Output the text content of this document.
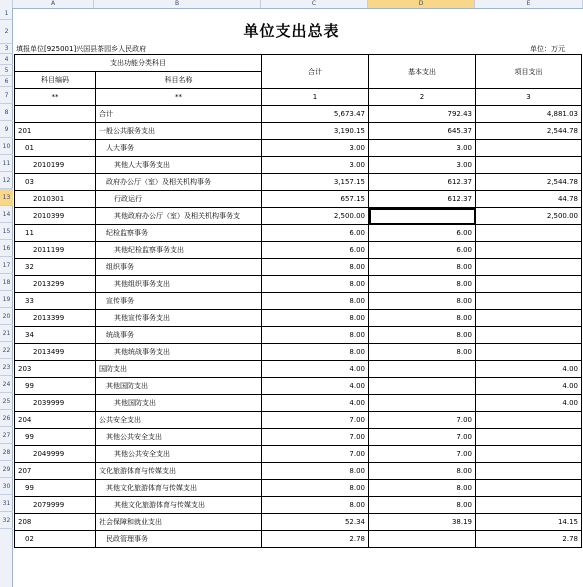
A	B	C	D	E
1
2
3
4
5
6
7
8
9
10
11
12
13
14
15
16
17
18
19
20
21
22
23
24
25
26
27
28
29
30
31
32
单位支出总表
填报单位[925001]兴国县茶园乡人民政府	单位：万元
支出功能分类科目		合计	基本支出	项目支出
科目编码	科目名称			
**	**	1	2	3
	合计	5,673.47	792.43	4,881.03
201	一般公共服务支出	3,190.15	645.37	2,544.78
01	人大事务	3.00	3.00	
2010199	其他人大事务支出	3.00	3.00	
03	政府办公厅（室）及相关机构事务	3,157.15	612.37	2,544.78
2010301	行政运行	657.15	612.37	44.78
2010399	其他政府办公厅（室）及相关机构事务支	2,500.00		2,500.00
11	纪检监察事务	6.00	6.00	
2011199	其他纪检监察事务支出	6.00	6.00	
32	组织事务	8.00	8.00	
2013299	其他组织事务支出	8.00	8.00	
33	宣传事务	8.00	8.00	
2013399	其他宣传事务支出	8.00	8.00	
34	统战事务	8.00	8.00	
2013499	其他统战事务支出	8.00	8.00	
203	国防支出	4.00		4.00
99	其他国防支出	4.00		4.00
2039999	其他国防支出	4.00		4.00
204	公共安全支出	7.00	7.00	
99	其他公共安全支出	7.00	7.00	
2049999	其他公共安全支出	7.00	7.00	
207	文化旅游体育与传媒支出	8.00	8.00	
99	其他文化旅游体育与传媒支出	8.00	8.00	
2079999	其他文化旅游体育与传媒支出	8.00	8.00	
208	社会保障和就业支出	52.34	38.19	14.15
02	民政管理事务	2.78		2.78
